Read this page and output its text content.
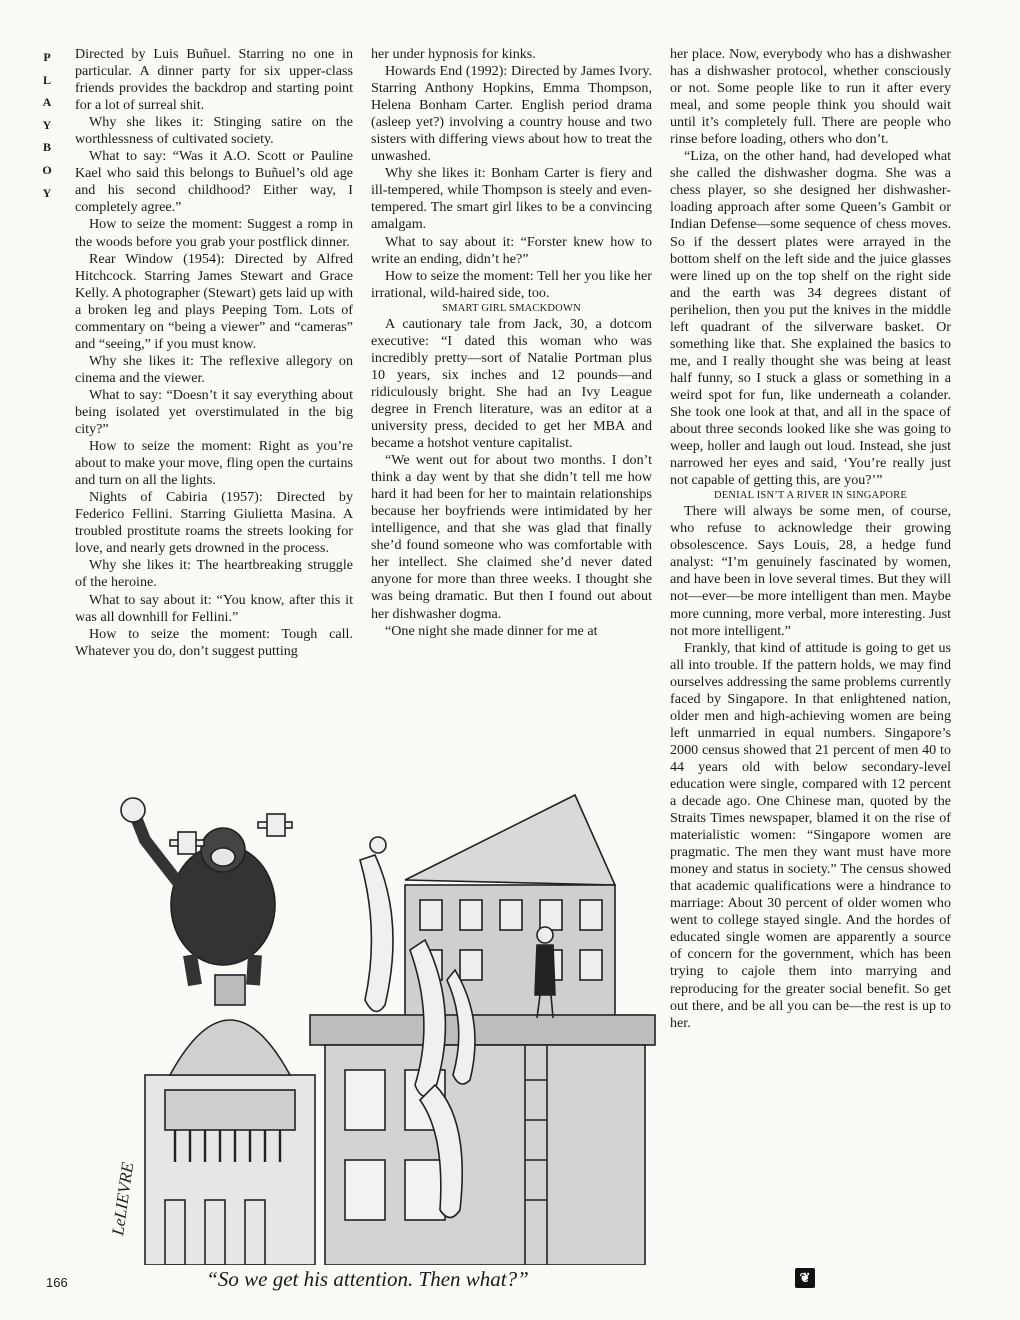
P
L
A
Y
B
O
Y

Directed by Luis Buñuel. Starring no one in particular. A dinner party for six upper-class friends provides the backdrop and starting point for a lot of surreal shit.

Why she likes it: Stinging satire on the worthlessness of cultivated society.

What to say: “Was it A.O. Scott or Pauline Kael who said this belongs to Buñuel’s old age and his second childhood? Either way, I completely agree.”

How to seize the moment: Suggest a romp in the woods before you grab your postflick dinner.

Rear Window (1954): Directed by Alfred Hitchcock. Starring James Stewart and Grace Kelly. A photographer (Stewart) gets laid up with a broken leg and plays Peeping Tom. Lots of commentary on “being a viewer” and “cameras” and “seeing,” if you must know.

Why she likes it: The reflexive allegory on cinema and the viewer.

What to say: “Doesn’t it say everything about being isolated yet overstimulated in the big city?”

How to seize the moment: Right as you’re about to make your move, fling open the curtains and turn on all the lights.

Nights of Cabiria (1957): Directed by Federico Fellini. Starring Giulietta Masina. A troubled prostitute roams the streets looking for love, and nearly gets drowned in the process.

Why she likes it: The heartbreaking struggle of the heroine.

What to say about it: “You know, after this it was all downhill for Fellini.”

How to seize the moment: Tough call. Whatever you do, don’t suggest putting

her under hypnosis for kinks.

Howards End (1992): Directed by James Ivory. Starring Anthony Hopkins, Emma Thompson, Helena Bonham Carter. English period drama (asleep yet?) involving a country house and two sisters with differing views about how to treat the unwashed.

Why she likes it: Bonham Carter is fiery and ill-tempered, while Thompson is steely and even-tempered. The smart girl likes to be a convincing amalgam.

What to say about it: “Forster knew how to write an ending, didn’t he?”

How to seize the moment: Tell her you like her irrational, wild-haired side, too.

SMART GIRL SMACKDOWN

A cautionary tale from Jack, 30, a dotcom executive: “I dated this woman who was incredibly pretty—sort of Natalie Portman plus 10 years, six inches and 12 pounds—and ridiculously bright. She had an Ivy League degree in French literature, was an editor at a university press, decided to get her MBA and became a hotshot venture capitalist.

“We went out for about two months. I don’t think a day went by that she didn’t tell me how hard it had been for her to maintain relationships because her boyfriends were intimidated by her intelligence, and that she was glad that finally she’d found someone who was comfortable with her intellect. She claimed she’d never dated anyone for more than three weeks. I thought she was being dramatic. But then I found out about her dishwasher dogma.

“One night she made dinner for me at

her place. Now, everybody who has a dishwasher has a dishwasher protocol, whether consciously or not. Some people like to run it after every meal, and some people think you should wait until it’s completely full. There are people who rinse before loading, others who don’t.

“Liza, on the other hand, had developed what she called the dishwasher dogma. She was a chess player, so she designed her dishwasher-loading approach after some Queen’s Gambit or Indian Defense—some sequence of chess moves. So if the dessert plates were arrayed in the bottom shelf on the left side and the juice glasses were lined up on the top shelf on the right side and the earth was 34 degrees distant of perihelion, then you put the knives in the middle left quadrant of the silverware basket. Or something like that. She explained the basics to me, and I really thought she was being at least half funny, so I stuck a glass or something in a weird spot for fun, like underneath a colander. She took one look at that, and all in the space of about three seconds looked like she was going to weep, holler and laugh out loud. Instead, she just narrowed her eyes and said, ‘You’re really just not capable of getting this, are you?’”

DENIAL ISN’T A RIVER IN SINGAPORE

There will always be some men, of course, who refuse to acknowledge their growing obsolescence. Says Louis, 28, a hedge fund analyst: “I’m genuinely fascinated by women, and have been in love several times. But they will not—ever—be more intelligent than men. Maybe more cunning, more verbal, more interesting. Just not more intelligent.”

Frankly, that kind of attitude is going to get us all into trouble. If the pattern holds, we may find ourselves addressing the same problems currently faced by Singapore. In that enlightened nation, older men and high-achieving women are being left unmarried in equal numbers. Singapore’s 2000 census showed that 21 percent of men 40 to 44 years old with below secondary-level education were single, compared with 12 percent a decade ago. One Chinese man, quoted by the Straits Times newspaper, blamed it on the rise of materialistic women: “Singapore women are pragmatic. The men they want must have more money and status in society.” The census showed that academic qualifications were a hindrance to marriage: About 30 percent of older women who went to college stayed single. And the hordes of educated single women are apparently a source of concern for the government, which has been trying to cajole them into marrying and reproducing for the greater social benefit. So get out there, and be all you can be—the rest is up to her.

LeLIEVRE
“So we get his attention. Then what?”
166	❦
